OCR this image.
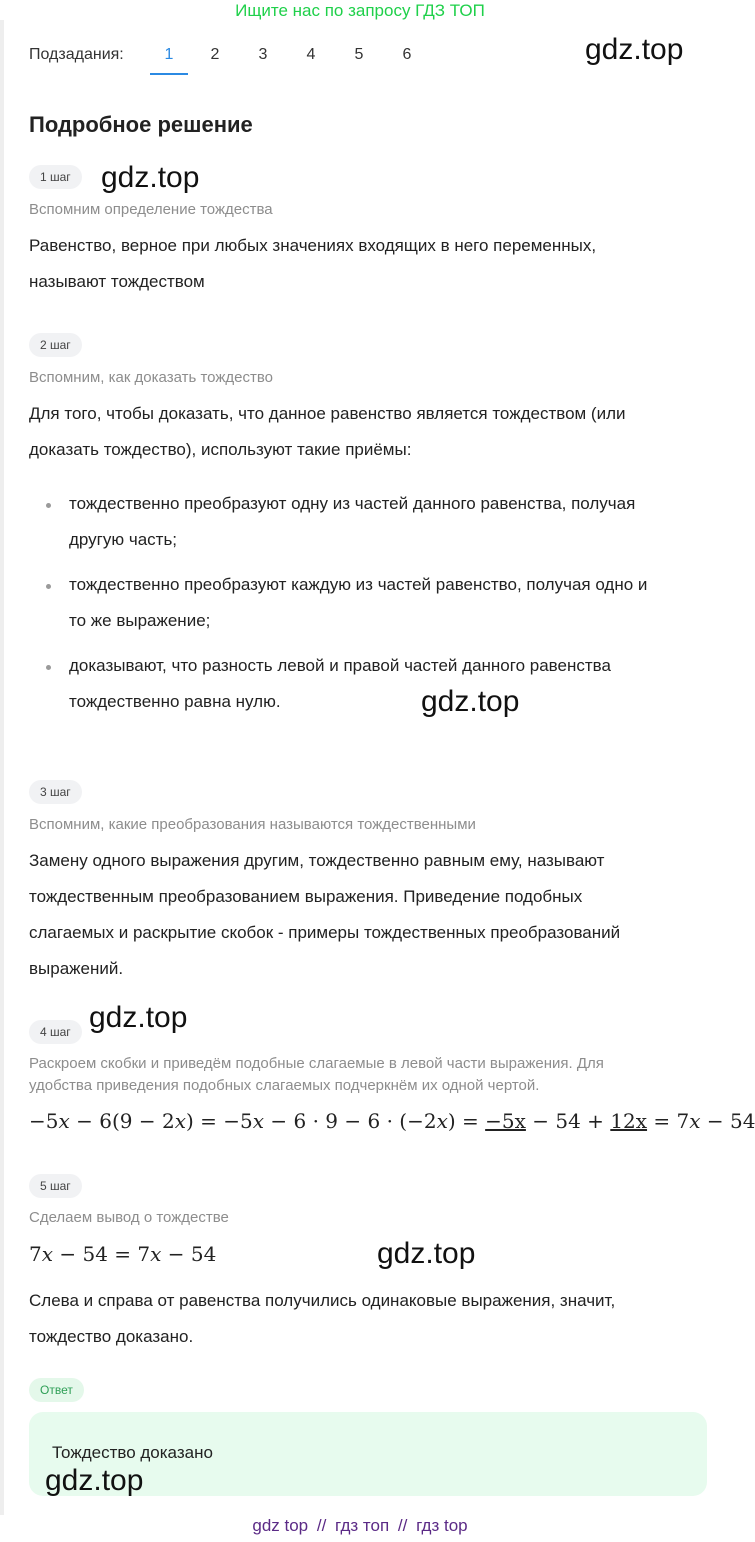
Ищите нас по запросу ГДЗ ТОП
Подзадания:	1	2	3	4	5	6	gdz.top
Подробное решение
1 шаг	gdz.top
Вспомним определение тождества
Равенство, верное при любых значениях входящих в него переменных,
называют тождеством
2 шаг
Вспомним, как доказать тождество
Для того, чтобы доказать, что данное равенство является тождеством (или
доказать тождество), используют такие приёмы:
тождественно преобразуют одну из частей данного равенства, получая
другую часть;
тождественно преобразуют каждую из частей равенство, получая одно и
то же выражение;
доказывают, что разность левой и правой частей данного равенства
тождественно равна нулю.	gdz.top
3 шаг
Вспомним, какие преобразования называются тождественными
Замену одного выражения другим, тождественно равным ему, называют
тождественным преобразованием выражения. Приведение подобных
слагаемых и раскрытие скобок - примеры тождественных преобразований
выражений.
4 шаг gdz.top
Раскроем скобки и приведём подобные слагаемые в левой части выражения. Для
удобства приведения подобных слагаемых подчеркнём их одной чертой.
−5x − 6(9 − 2x) = −5x − 6 · 9 − 6 · (−2x) = −5x − 54 + 12x = 7x − 54
5 шаг
Сделаем вывод о тождестве
7x − 54 = 7x − 54	gdz.top
Слева и справа от равенства получились одинаковые выражения, значит,
тождество доказано.
Ответ
Тождество доказано
gdz.top
gdz top // гдз топ // гдз top
